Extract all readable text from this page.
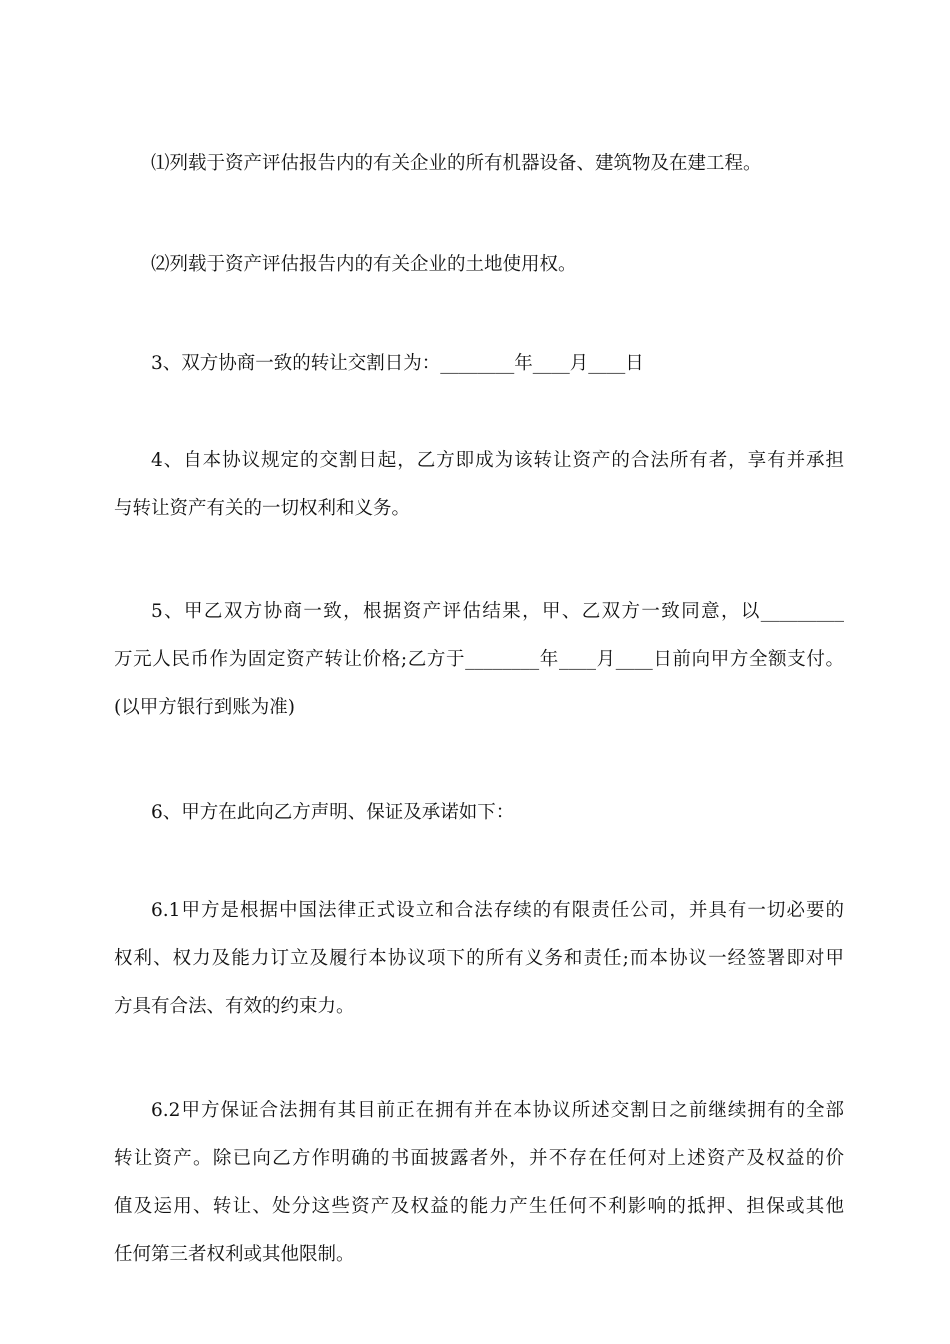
⑴列载于资产评估报告内的有关企业的所有机器设备、建筑物及在建工程。
⑵列载于资产评估报告内的有关企业的土地使用权。
3、双方协商一致的转让交割日为：________年____月____日
4、自本协议规定的交割日起，乙方即成为该转让资产的合法所有者，享有并承担
与转让资产有关的一切权利和义务。
5、甲乙双方协商一致，根据资产评估结果，甲、乙双方一致同意，以_________
万元人民币作为固定资产转让价格;乙方于________年____月____日前向甲方全额支付。
(以甲方银行到账为准)
6、甲方在此向乙方声明、保证及承诺如下：
6.1甲方是根据中国法律正式设立和合法存续的有限责任公司，并具有一切必要的
权利、权力及能力订立及履行本协议项下的所有义务和责任;而本协议一经签署即对甲
方具有合法、有效的约束力。
6.2甲方保证合法拥有其目前正在拥有并在本协议所述交割日之前继续拥有的全部
转让资产。除已向乙方作明确的书面披露者外，并不存在任何对上述资产及权益的价
值及运用、转让、处分这些资产及权益的能力产生任何不利影响的抵押、担保或其他
任何第三者权利或其他限制。
